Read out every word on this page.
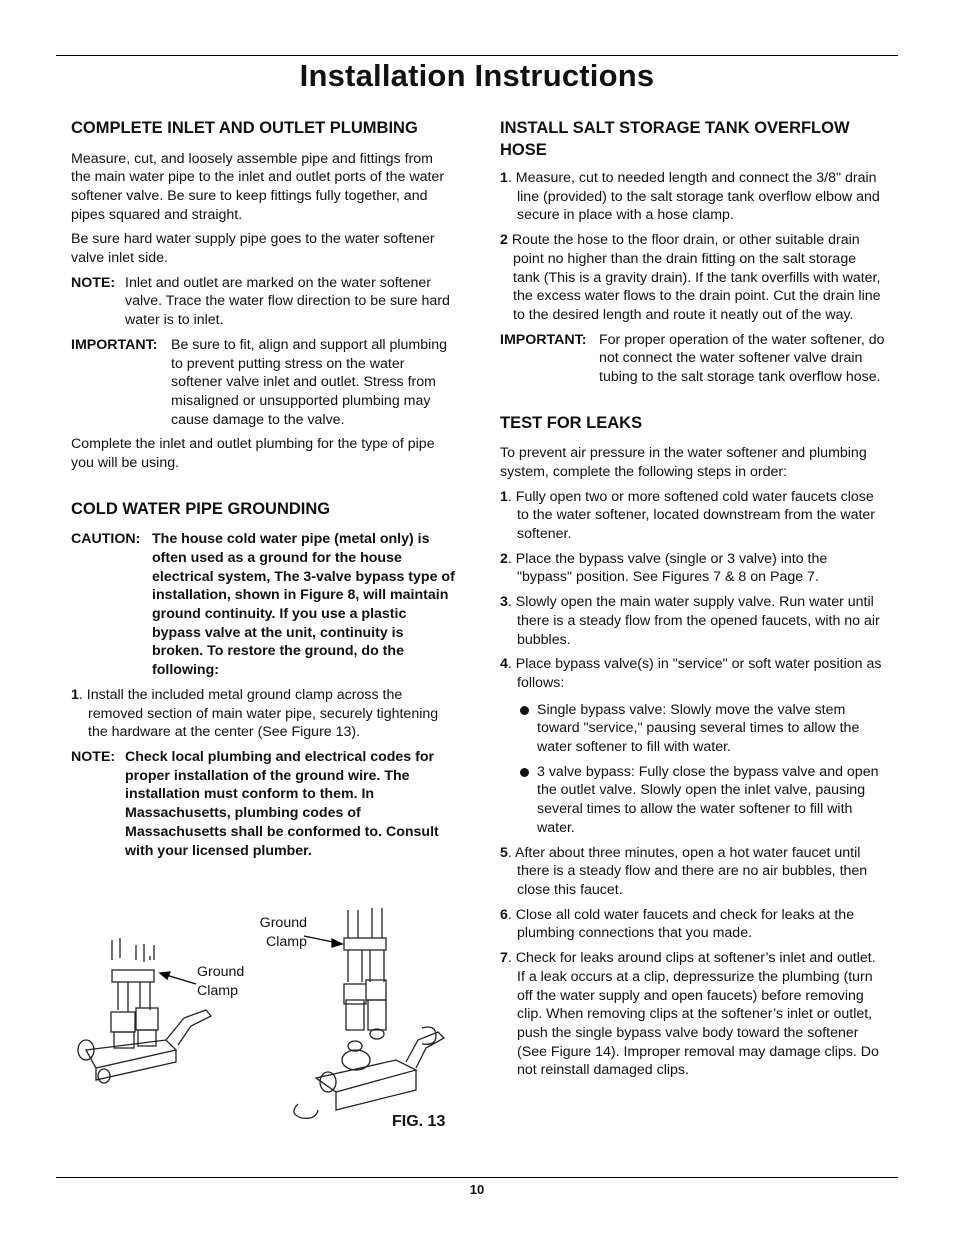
Installation Instructions
COMPLETE INLET AND OUTLET PLUMBING

Measure, cut, and loosely assemble pipe and fittings from the main water pipe to the inlet and outlet ports of the water softener valve. Be sure to keep fittings fully together, and pipes squared and straight.

Be sure hard water supply pipe goes to the water softener valve inlet side.

NOTE: Inlet and outlet are marked on the water softener valve. Trace the water flow direction to be sure hard water is to inlet.
IMPORTANT: Be sure to fit, align and support all plumbing to prevent putting stress on the water softener valve inlet and outlet. Stress from misaligned or unsupported plumbing may cause damage to the valve.

Complete the inlet and outlet plumbing for the type of pipe you will be using.

COLD WATER PIPE GROUNDING
CAUTION: The house cold water pipe (metal only) is often used as a ground for the house electrical system, The 3-valve bypass type of installation, shown in Figure 8, will maintain ground continuity. If you use a plastic bypass valve at the unit, continuity is broken. To restore the ground, do the following:

1. Install the included metal ground clamp across the removed section of main water pipe, securely tightening the hardware at the center (See Figure 13).

NOTE: Check local plumbing and electrical codes for proper installation of the ground wire. The installation must conform to them. In Massachusetts, plumbing codes of Massachusetts shall be conformed to. Consult with your licensed plumber.
Ground Clamp
Ground Clamp
FIG. 13
INSTALL SALT STORAGE TANK OVERFLOW HOSE

1. Measure, cut to needed length and connect the 3/8" drain line (provided) to the salt storage tank overflow elbow and secure in place with a hose clamp.

2 Route the hose to the floor drain, or other suitable drain point no higher than the drain fitting on the salt storage tank (This is a gravity drain). If the tank overfills with water, the excess water flows to the drain point. Cut the drain line to the desired length and route it neatly out of the way.

IMPORTANT: For proper operation of the water softener, do not connect the water softener valve drain tubing to the salt storage tank overflow hose.
TEST FOR LEAKS

To prevent air pressure in the water softener and plumbing system, complete the following steps in order:

1. Fully open two or more softened cold water faucets close to the water softener, located downstream from the water softener.

2. Place the bypass valve (single or 3 valve) into the "bypass" position. See Figures 7 & 8 on Page 7.

3. Slowly open the main water supply valve. Run water until there is a steady flow from the opened faucets, with no air bubbles.

4. Place bypass valve(s) in "service" or soft water position as follows:

Single bypass valve: Slowly move the valve stem toward "service," pausing several times to allow the water softener to fill with water.
3 valve bypass: Fully close the bypass valve and open the outlet valve. Slowly open the inlet valve, pausing several times to allow the water softener to fill with water.

5. After about three minutes, open a hot water faucet until there is a steady flow and there are no air bubbles, then close this faucet.

6. Close all cold water faucets and check for leaks at the plumbing connections that you made.

7. Check for leaks around clips at softener’s inlet and outlet. If a leak occurs at a clip, depressurize the plumbing (turn off the water supply and open faucets) before removing clip. When removing clips at the softener’s inlet or outlet, push the single bypass valve body toward the softener (See Figure 14). Improper removal may damage clips. Do not reinstall damaged clips.

10
